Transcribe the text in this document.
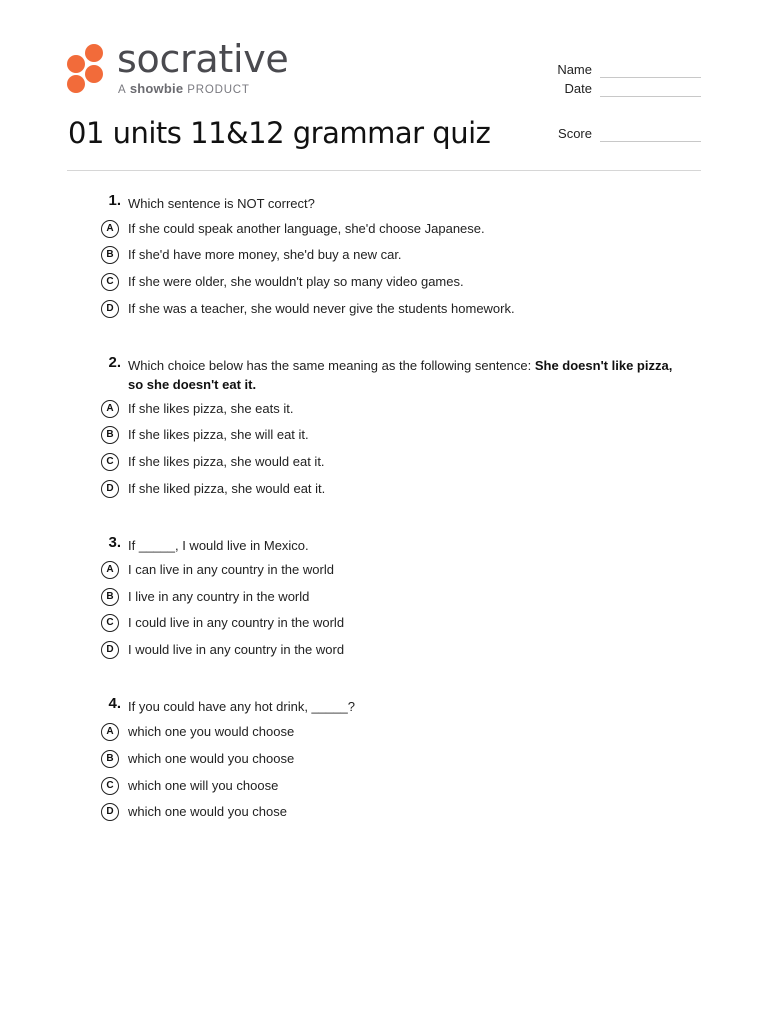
socrative
A showbie PRODUCT
Name
Date
Score
01 units 11&12 grammar quiz
1. Which sentence is NOT correct?
A	If she could speak another language, she'd choose Japanese.
B	If she'd have more money, she'd buy a new car.
C	If she were older, she wouldn't play so many video games.
D	If she was a teacher, she would never give the students homework.
2. Which choice below has the same meaning as the following sentence: She doesn't like pizza, so she doesn't eat it.
A	If she likes pizza, she eats it.
B	If she likes pizza, she will eat it.
C	If she likes pizza, she would eat it.
D	If she liked pizza, she would eat it.
3. If _____, I would live in Mexico.
A	I can live in any country in the world
B	I live in any country in the world
C	I could live in any country in the world
D	I would live in any country in the word
4. If you could have any hot drink, _____?
A	which one you would choose
B	which one would you choose
C	which one will you choose
D	which one would you chose
